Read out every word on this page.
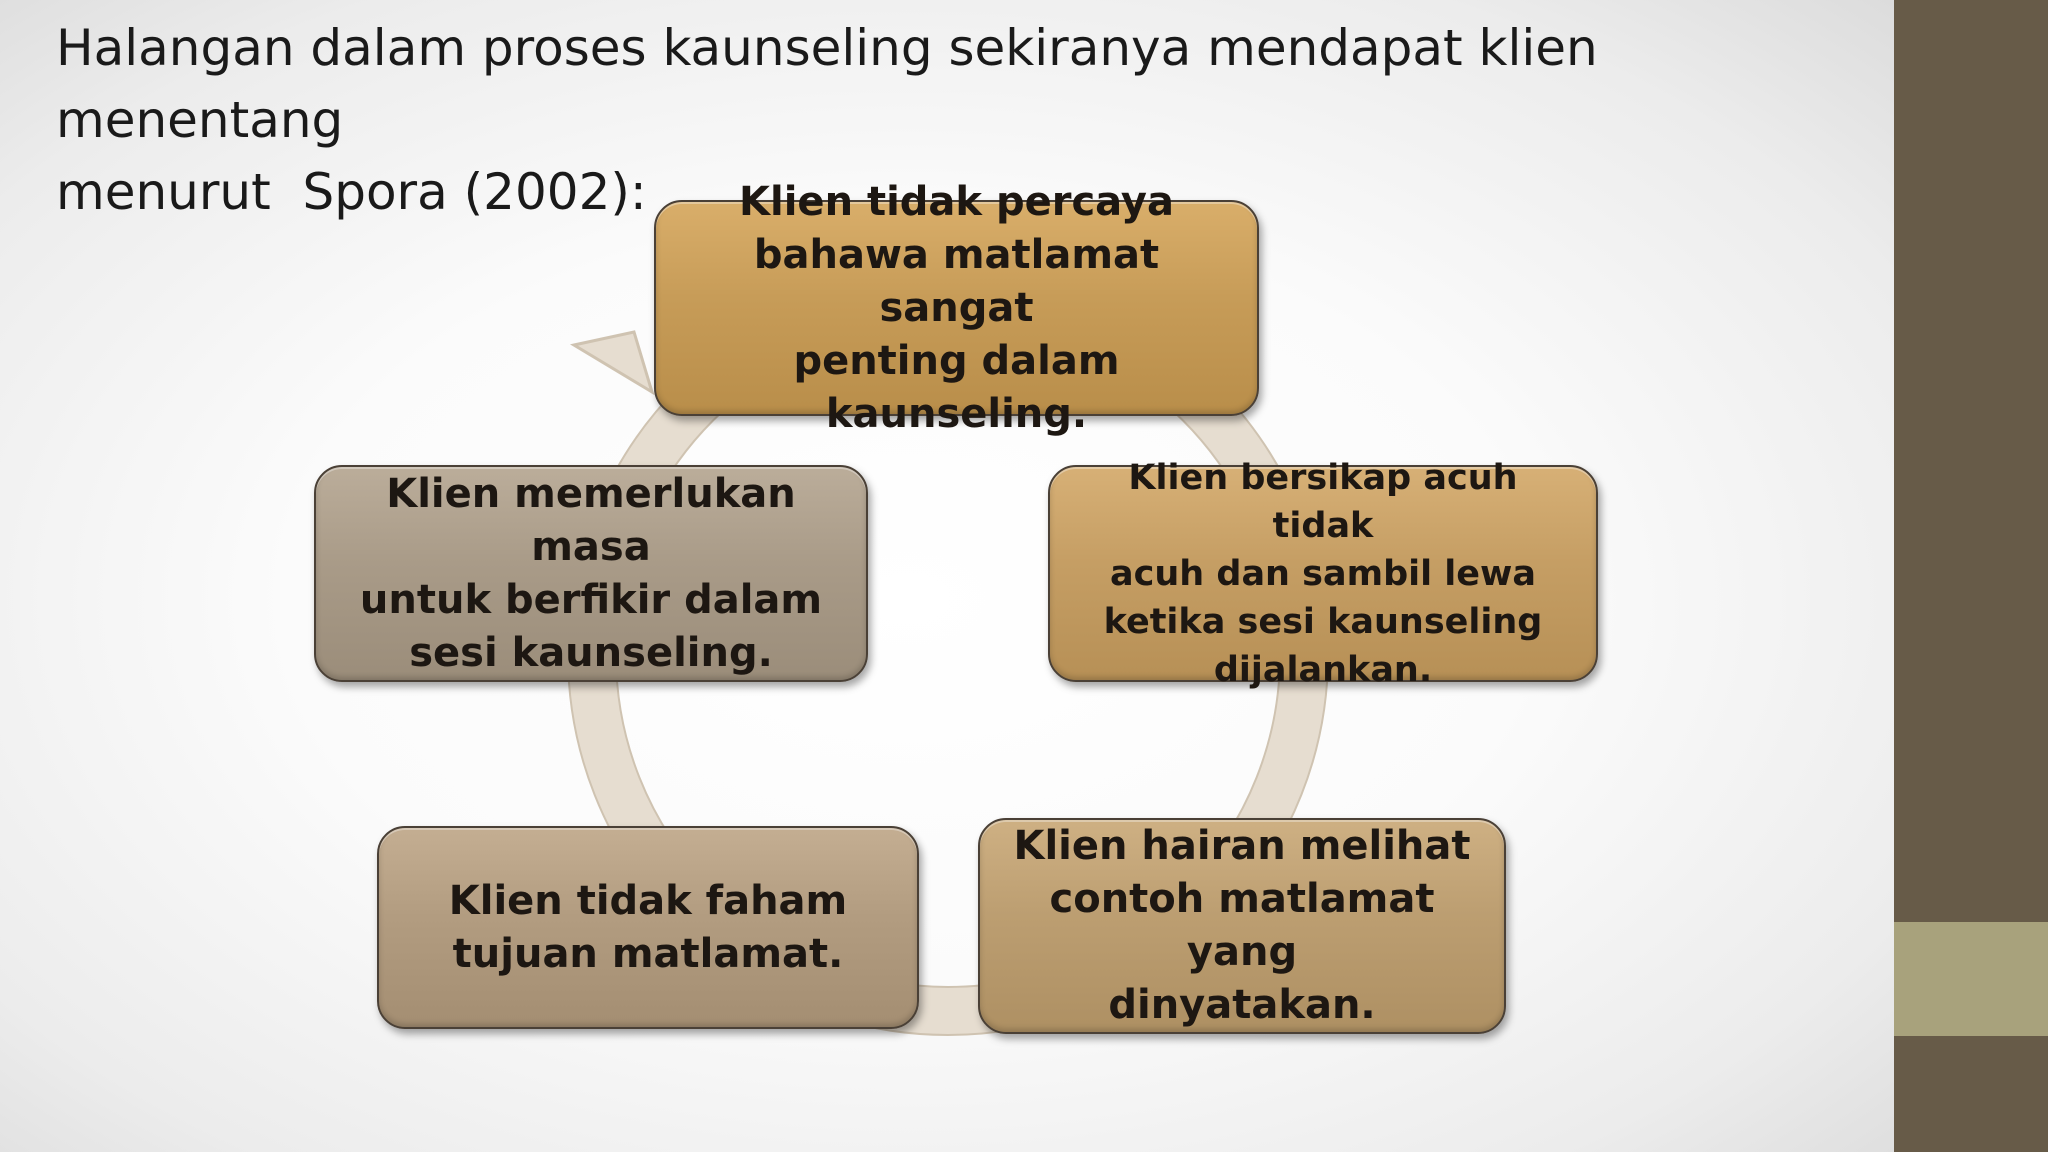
Halangan dalam proses kaunseling sekiranya mendapat klien menentang
menurut  Spora (2002):	Klien tidak percaya
bahawa matlamat sangat
penting dalam kaunseling.
Klien bersikap acuh tidak
acuh dan sambil lewa
ketika sesi kaunseling
dijalankan.
Klien hairan melihat
contoh matlamat yang
dinyatakan.
Klien tidak faham
tujuan matlamat.
Klien memerlukan masa
untuk berfikir dalam
sesi kaunseling.
